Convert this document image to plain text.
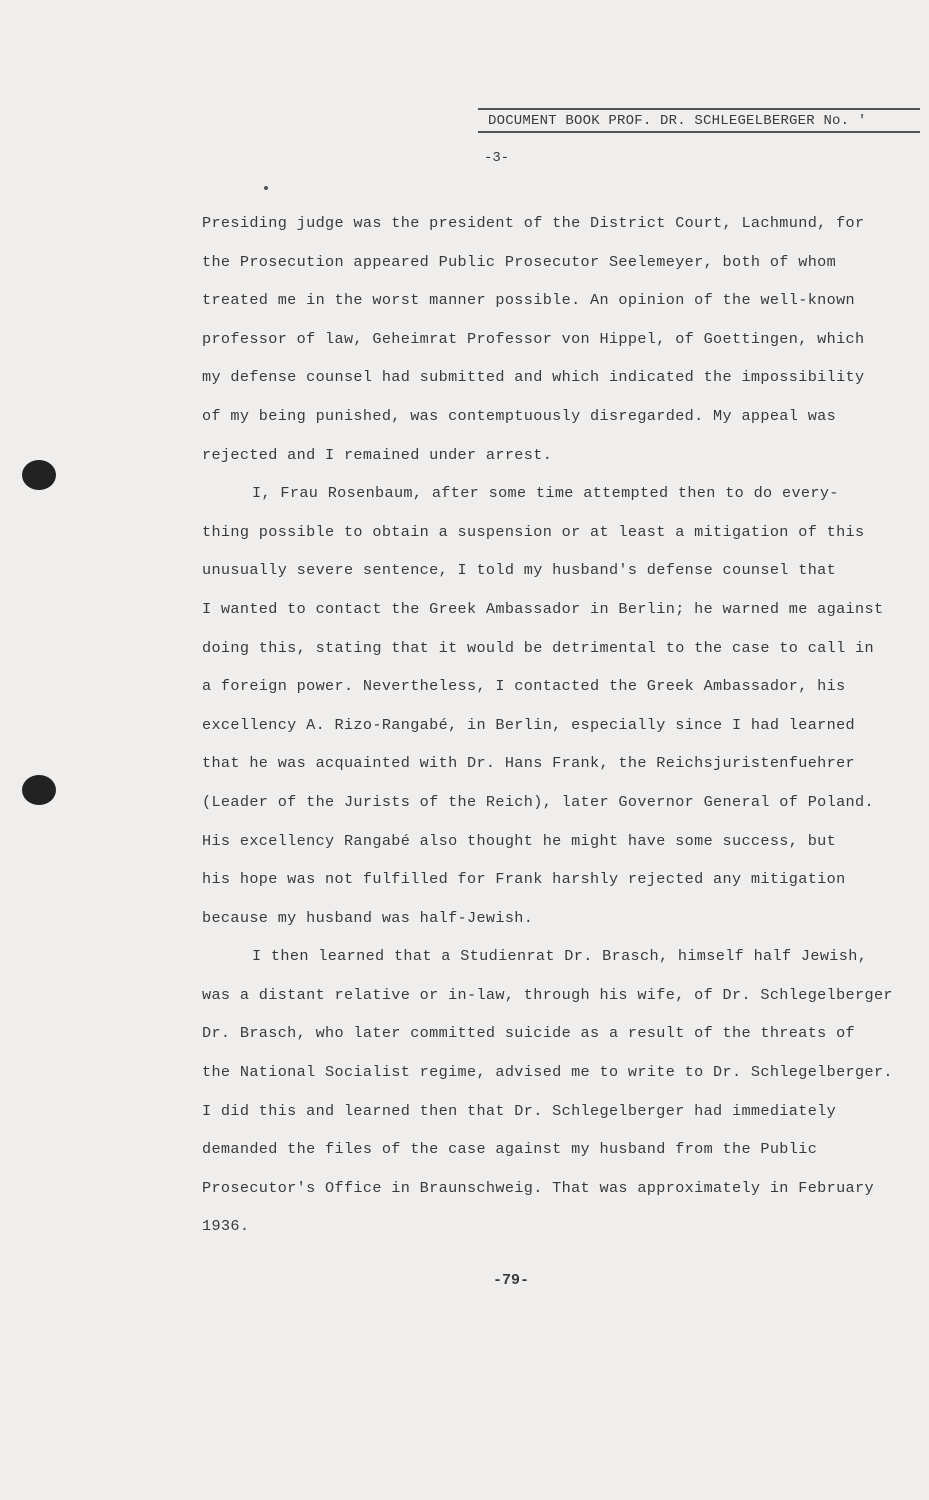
DOCUMENT BOOK PROF. DR. SCHLEGELBERGER No. '
-3-
Presiding judge was the president of the District Court, Lachmund, for
the Prosecution appeared Public Prosecutor Seelemeyer, both of whom
treated me in the worst manner possible. An opinion of the well-known
professor of law, Geheimrat Professor von Hippel, of Goettingen, which
my defense counsel had submitted and which indicated the impossibility
of my being punished, was contemptuously disregarded. My appeal was
rejected and I remained under arrest.
I, Frau Rosenbaum, after some time attempted then to do every-
thing possible to obtain a suspension or at least a mitigation of this
unusually severe sentence, I told my husband's defense counsel that
I wanted to contact the Greek Ambassador in Berlin; he warned me against
doing this, stating that it would be detrimental to the case to call in
a foreign power. Nevertheless, I contacted the Greek Ambassador, his
excellency A. Rizo-Rangabé, in Berlin, especially since I had learned
that he was acquainted with Dr. Hans Frank, the Reichsjuristenfuehrer
(Leader of the Jurists of the Reich), later Governor General of Poland.
His excellency Rangabé also thought he might have some success, but
his hope was not fulfilled for Frank harshly rejected any mitigation
because my husband was half-Jewish.
I then learned that a Studienrat Dr. Brasch, himself half Jewish,
was a distant relative or in-law, through his wife, of Dr. Schlegelberger
Dr. Brasch, who later committed suicide as a result of the threats of
the National Socialist regime, advised me to write to Dr. Schlegelberger.
I did this and learned then that Dr. Schlegelberger had immediately
demanded the files of the case against my husband from the Public
Prosecutor's Office in Braunschweig. That was approximately in February
1936.
-79-
